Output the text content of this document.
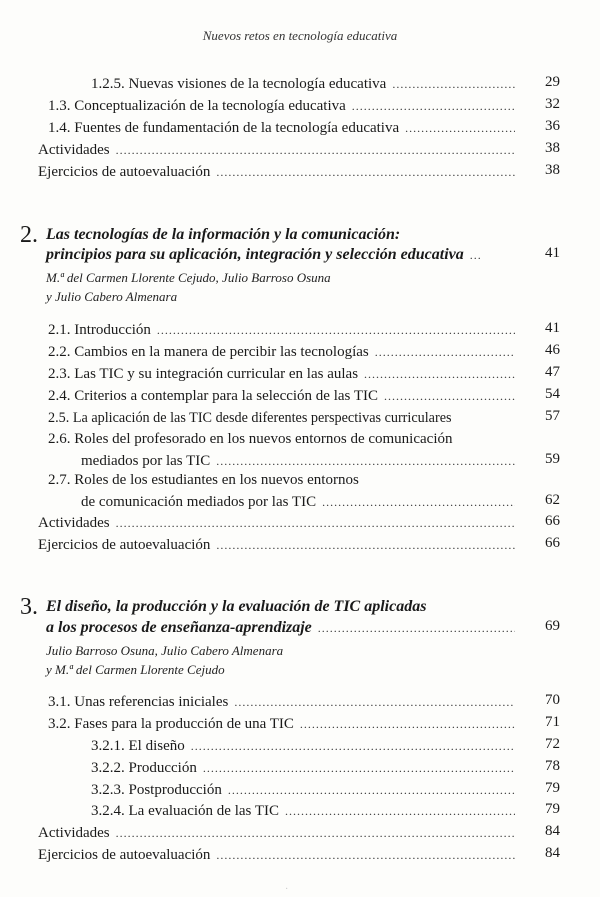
Nuevos retos en tecnología educativa
1.2.5. Nuevas visiones de la tecnología educativa .....	29
1.3. Conceptualización de la tecnología educativa .....	32
1.4. Fuentes de fundamentación de la tecnología educativa .....	36
Actividades .....	38
Ejercicios de autoevaluación .....	38
2. Las tecnologías de la información y la comunicación:
principios para su aplicación, integración y selección educativa .....	41
M.ª del Carmen Llorente Cejudo, Julio Barroso Osuna
y Julio Cabero Almenara
2.1. Introducción .....	41
2.2. Cambios en la manera de percibir las tecnologías .....	46
2.3. Las TIC y su integración curricular en las aulas .....	47
2.4. Criterios a contemplar para la selección de las TIC .....	54
2.5. La aplicación de las TIC desde diferentes perspectivas curriculares	57
2.6. Roles del profesorado en los nuevos entornos de comunicación
mediados por las TIC .....	59
2.7. Roles de los estudiantes en los nuevos entornos
de comunicación mediados por las TIC .....	62
Actividades .....	66
Ejercicios de autoevaluación .....	66
3. El diseño, la producción y la evaluación de TIC aplicadas
a los procesos de enseñanza-aprendizaje .....	69
Julio Barroso Osuna, Julio Cabero Almenara
y M.ª del Carmen Llorente Cejudo
3.1. Unas referencias iniciales .....	70
3.2. Fases para la producción de una TIC .....	71
3.2.1. El diseño .....	72
3.2.2. Producción .....	78
3.2.3. Postproducción .....	79
3.2.4. La evaluación de las TIC .....	79
Actividades .....	84
Ejercicios de autoevaluación .....	84
·
